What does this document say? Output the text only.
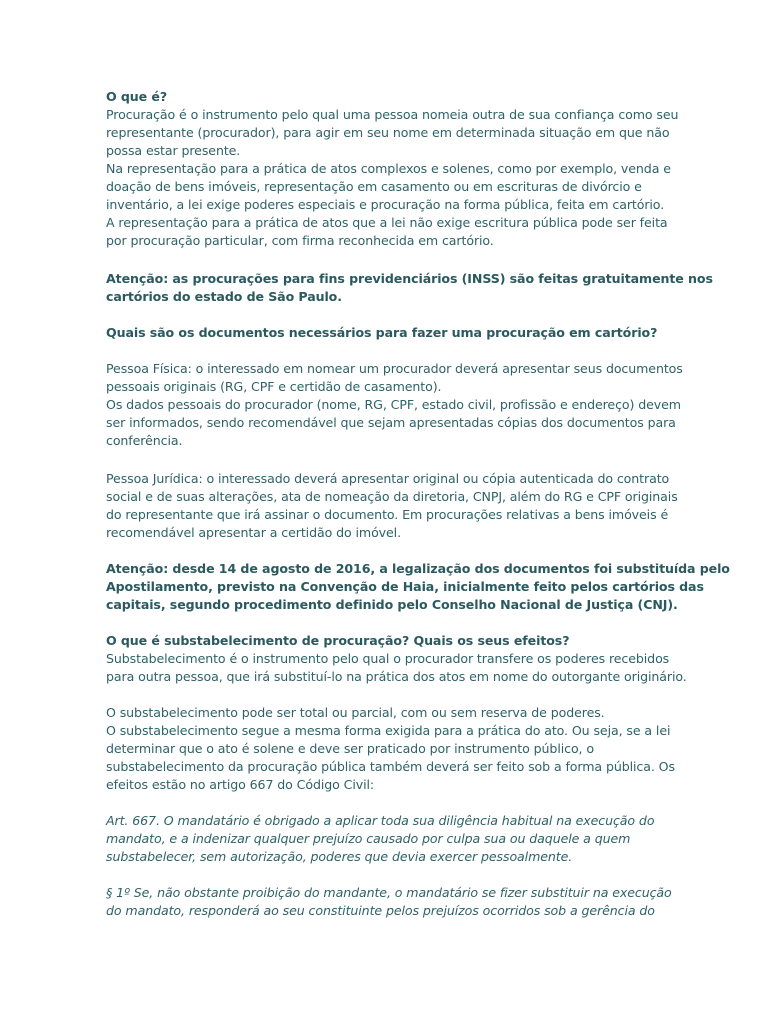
O que é?
Procuração é o instrumento pelo qual uma pessoa nomeia outra de sua confiança como seu
representante (procurador), para agir em seu nome em determinada situação em que não
possa estar presente.
Na representação para a prática de atos complexos e solenes, como por exemplo, venda e
doação de bens imóveis, representação em casamento ou em escrituras de divórcio e
inventário, a lei exige poderes especiais e procuração na forma pública, feita em cartório.
A representação para a prática de atos que a lei não exige escritura pública pode ser feita
por procuração particular, com firma reconhecida em cartório.
Atenção: as procurações para fins previdenciários (INSS) são feitas gratuitamente nos
cartórios do estado de São Paulo.
Quais são os documentos necessários para fazer uma procuração em cartório?
Pessoa Física: o interessado em nomear um procurador deverá apresentar seus documentos
pessoais originais (RG, CPF e certidão de casamento).
Os dados pessoais do procurador (nome, RG, CPF, estado civil, profissão e endereço) devem
ser informados, sendo recomendável que sejam apresentadas cópias dos documentos para
conferência.
Pessoa Jurídica: o interessado deverá apresentar original ou cópia autenticada do contrato
social e de suas alterações, ata de nomeação da diretoria, CNPJ, além do RG e CPF originais
do representante que irá assinar o documento. Em procurações relativas a bens imóveis é
recomendável apresentar a certidão do imóvel.
Atenção: desde 14 de agosto de 2016, a legalização dos documentos foi substituída pelo
Apostilamento, previsto na Convenção de Haia, inicialmente feito pelos cartórios das
capitais, segundo procedimento definido pelo Conselho Nacional de Justiça (CNJ).
O que é substabelecimento de procuração? Quais os seus efeitos?
Substabelecimento é o instrumento pelo qual o procurador transfere os poderes recebidos
para outra pessoa, que irá substituí-lo na prática dos atos em nome do outorgante originário.
O substabelecimento pode ser total ou parcial, com ou sem reserva de poderes.
O substabelecimento segue a mesma forma exigida para a prática do ato. Ou seja, se a lei
determinar que o ato é solene e deve ser praticado por instrumento público, o
substabelecimento da procuração pública também deverá ser feito sob a forma pública. Os
efeitos estão no artigo 667 do Código Civil:
Art. 667. O mandatário é obrigado a aplicar toda sua diligência habitual na execução do
mandato, e a indenizar qualquer prejuízo causado por culpa sua ou daquele a quem
substabelecer, sem autorização, poderes que devia exercer pessoalmente.
§ 1º Se, não obstante proibição do mandante, o mandatário se fizer substituir na execução
do mandato, responderá ao seu constituinte pelos prejuízos ocorridos sob a gerência do
